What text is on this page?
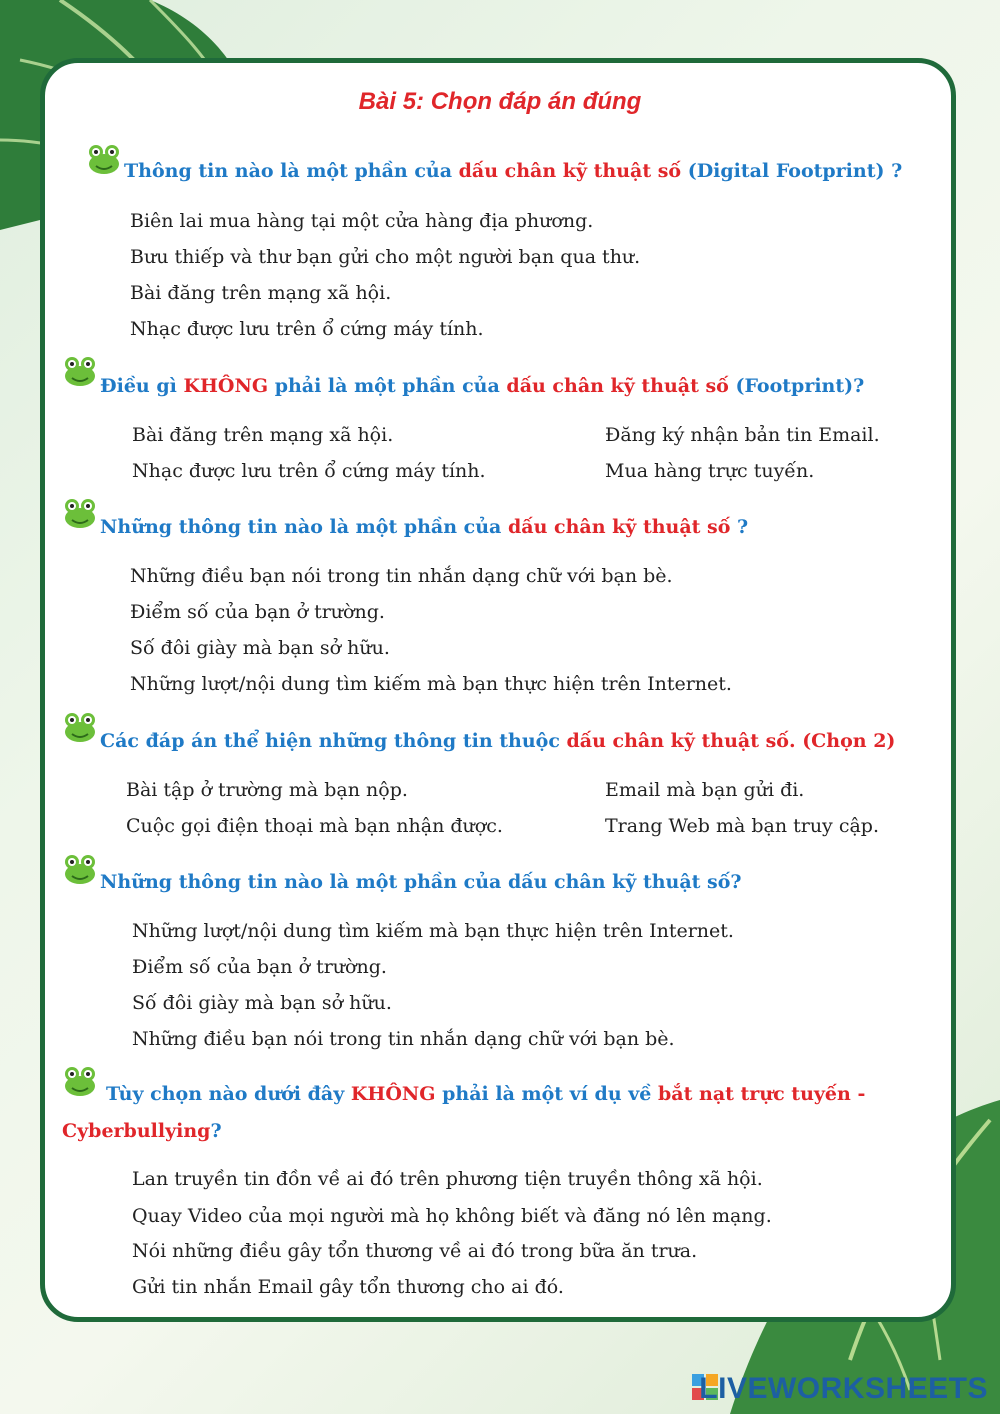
Bài 5: Chọn đáp án đúng
Thông tin nào là một phần của dấu chân kỹ thuật số (Digital Footprint) ?
Biên lai mua hàng tại một cửa hàng địa phương.
Bưu thiếp và thư bạn gửi cho một người bạn qua thư.
Bài đăng trên mạng xã hội.
Nhạc được lưu trên ổ cứng máy tính.
Điều gì KHÔNG phải là một phần của dấu chân kỹ thuật số (Footprint)?
Bài đăng trên mạng xã hội.
Nhạc được lưu trên ổ cứng máy tính.
Đăng ký nhận bản tin Email.
Mua hàng trực tuyến.
Những thông tin nào là một phần của dấu chân kỹ thuật số ?
Những điều bạn nói trong tin nhắn dạng chữ với bạn bè.
Điểm số của bạn ở trường.
Số đôi giày mà bạn sở hữu.
Những lượt/nội dung tìm kiếm mà bạn thực hiện trên Internet.
Các đáp án thể hiện những thông tin thuộc dấu chân kỹ thuật số. (Chọn 2)
Bài tập ở trường mà bạn nộp.
Cuộc gọi điện thoại mà bạn nhận được.
Email mà bạn gửi đi.
Trang Web mà bạn truy cập.
Những thông tin nào là một phần của dấu chân kỹ thuật số?
Những lượt/nội dung tìm kiếm mà bạn thực hiện trên Internet.
Điểm số của bạn ở trường.
Số đôi giày mà bạn sở hữu.
Những điều bạn nói trong tin nhắn dạng chữ với bạn bè.
Tùy chọn nào dưới đây KHÔNG phải là một ví dụ về bắt nạt trực tuyến -
Cyberbullying?
Lan truyền tin đồn về ai đó trên phương tiện truyền thông xã hội.
Quay Video của mọi người mà họ không biết và đăng nó lên mạng.
Nói những điều gây tổn thương về ai đó trong bữa ăn trưa.
Gửi tin nhắn Email gây tổn thương cho ai đó.
LIVEWORKSHEETS
